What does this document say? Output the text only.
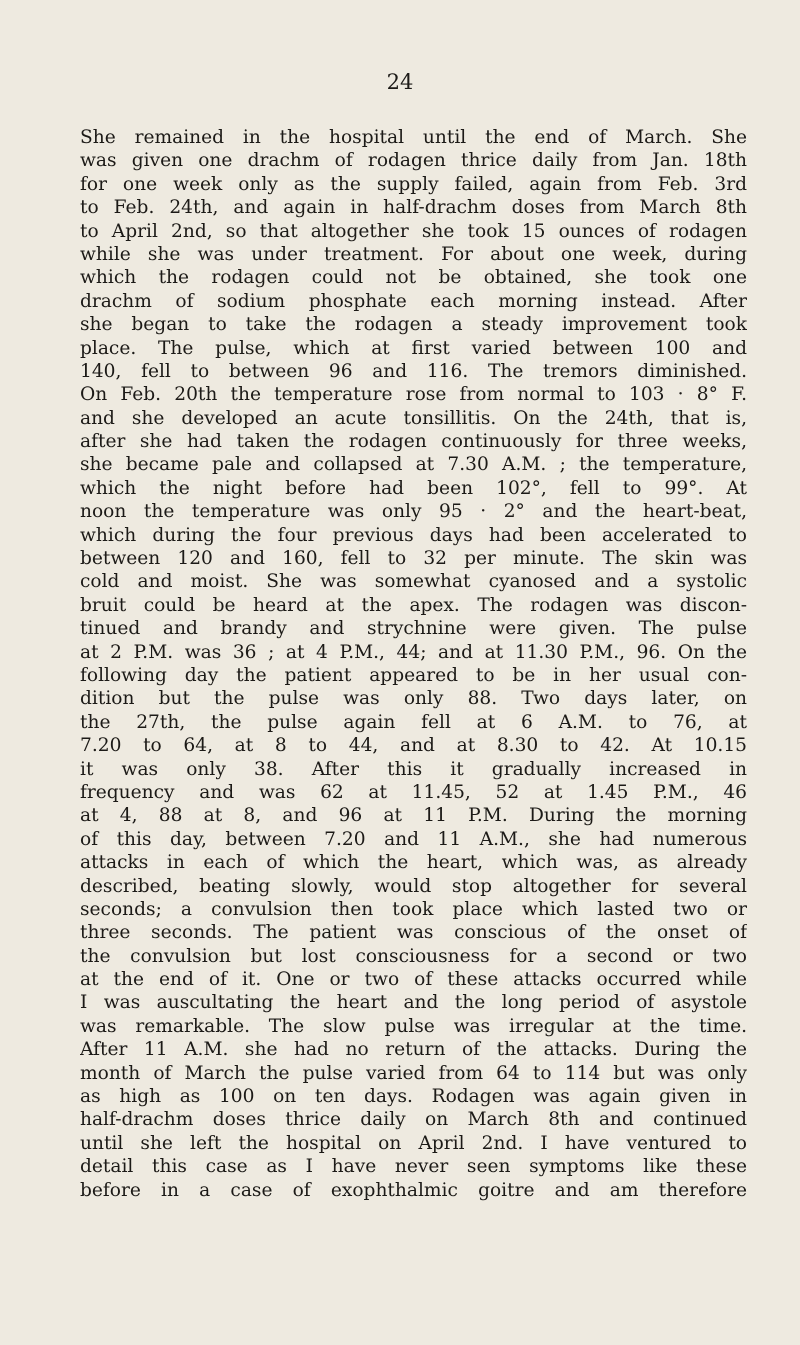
24
She remained in the hospital until the end of March. She
was given one drachm of rodagen thrice daily from Jan. 18th
for one week only as the supply failed, again from Feb. 3rd
to Feb. 24th, and again in half-drachm doses from March 8th
to April 2nd, so that altogether she took 15 ounces of rodagen
while she was under treatment. For about one week, during
which the rodagen could not be obtained, she took one
drachm of sodium phosphate each morning instead. After
she began to take the rodagen a steady improvement took
place. The pulse, which at first varied between 100 and
140, fell to between 96 and 116. The tremors diminished.
On Feb. 20th the temperature rose from normal to 103 · 8° F.
and she developed an acute tonsillitis. On the 24th, that is,
after she had taken the rodagen continuously for three weeks,
she became pale and collapsed at 7.30 A.M. ; the temperature,
which the night before had been 102°, fell to 99°. At
noon the temperature was only 95 · 2° and the heart-beat,
which during the four previous days had been accelerated to
between 120 and 160, fell to 32 per minute. The skin was
cold and moist. She was somewhat cyanosed and a systolic
bruit could be heard at the apex. The rodagen was discon-
tinued and brandy and strychnine were given. The pulse
at 2 P.M. was 36 ; at 4 P.M., 44; and at 11.30 P.M., 96. On the
following day the patient appeared to be in her usual con-
dition but the pulse was only 88. Two days later, on
the 27th, the pulse again fell at 6 A.M. to 76, at
7.20 to 64, at 8 to 44, and at 8.30 to 42. At 10.15
it was only 38. After this it gradually increased in
frequency and was 62 at 11.45, 52 at 1.45 P.M., 46
at 4, 88 at 8, and 96 at 11 P.M. During the morning
of this day, between 7.20 and 11 A.M., she had numerous
attacks in each of which the heart, which was, as already
described, beating slowly, would stop altogether for several
seconds; a convulsion then took place which lasted two or
three seconds. The patient was conscious of the onset of
the convulsion but lost consciousness for a second or two
at the end of it. One or two of these attacks occurred while
I was auscultating the heart and the long period of asystole
was remarkable. The slow pulse was irregular at the time.
After 11 A.M. she had no return of the attacks. During the
month of March the pulse varied from 64 to 114 but was only
as high as 100 on ten days. Rodagen was again given in
half-drachm doses thrice daily on March 8th and continued
until she left the hospital on April 2nd. I have ventured to
detail this case as I have never seen symptoms like these
before in a case of exophthalmic goitre and am therefore
